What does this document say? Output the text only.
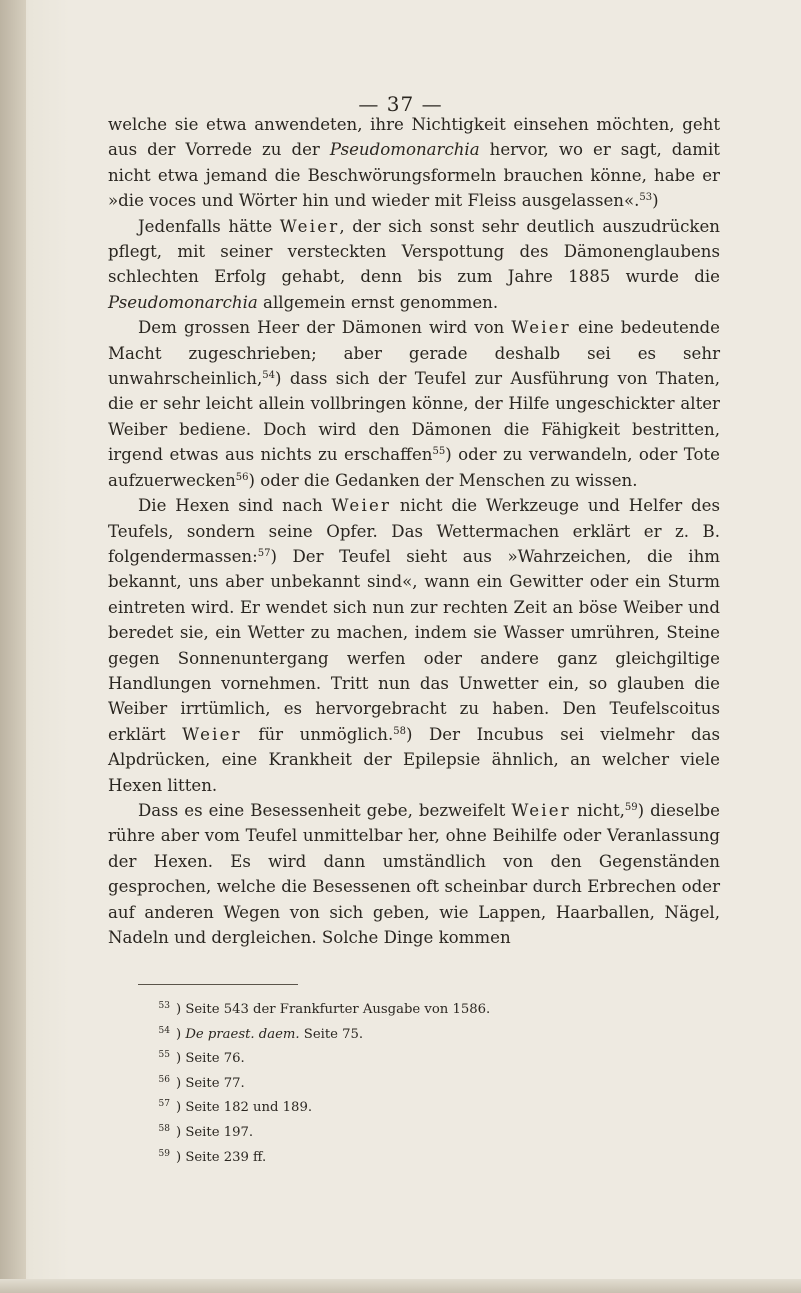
— 37 —

welche sie etwa anwendeten, ihre Nichtigkeit einsehen möchten, geht aus der Vorrede zu der Pseudomonarchia hervor, wo er sagt, damit nicht etwa jemand die Beschwörungsformeln brauchen könne, habe er »die voces und Wörter hin und wieder mit Fleiss ausgelassen«.$^{53}$)

Jedenfalls hätte Weier, der sich sonst sehr deutlich auszudrücken pflegt, mit seiner versteckten Verspottung des Dämonenglaubens schlechten Erfolg gehabt, denn bis zum Jahre 1885 wurde die Pseudomonarchia allgemein ernst genommen.

Dem grossen Heer der Dämonen wird von Weier eine bedeutende Macht zugeschrieben; aber gerade deshalb sei es sehr unwahrscheinlich,$^{54}$) dass sich der Teufel zur Ausführung von Thaten, die er sehr leicht allein vollbringen könne, der Hilfe ungeschickter alter Weiber bediene. Doch wird den Dämonen die Fähigkeit bestritten, irgend etwas aus nichts zu erschaffen$^{55}$) oder zu verwandeln, oder Tote aufzuerwecken$^{56}$) oder die Gedanken der Menschen zu wissen.

Die Hexen sind nach Weier nicht die Werkzeuge und Helfer des Teufels, sondern seine Opfer. Das Wettermachen erklärt er z. B. folgendermassen:$^{57}$) Der Teufel sieht aus »Wahrzeichen, die ihm bekannt, uns aber unbekannt sind«, wann ein Gewitter oder ein Sturm eintreten wird. Er wendet sich nun zur rechten Zeit an böse Weiber und beredet sie, ein Wetter zu machen, indem sie Wasser umrühren, Steine gegen Sonnenuntergang werfen oder andere ganz gleichgiltige Handlungen vornehmen. Tritt nun das Unwetter ein, so glauben die Weiber irrtümlich, es hervorgebracht zu haben. Den Teufelscoitus erklärt Weier für unmöglich.$^{58}$) Der Incubus sei vielmehr das Alpdrücken, eine Krankheit der Epilepsie ähnlich, an welcher viele Hexen litten.

Dass es eine Besessenheit gebe, bezweifelt Weier nicht,$^{59}$) dieselbe rühre aber vom Teufel unmittelbar her, ohne Beihilfe oder Veranlassung der Hexen. Es wird dann umständlich von den Gegenständen gesprochen, welche die Besessenen oft scheinbar durch Erbrechen oder auf anderen Wegen von sich geben, wie Lappen, Haarballen, Nägel, Nadeln und dergleichen. Solche Dinge kommen

53 ) Seite 543 der Frankfurter Ausgabe von 1586.
54 ) De praest. daem. Seite 75.
55 ) Seite 76.
56 ) Seite 77.
57 ) Seite 182 und 189.
58 ) Seite 197.
59 ) Seite 239 ff.
